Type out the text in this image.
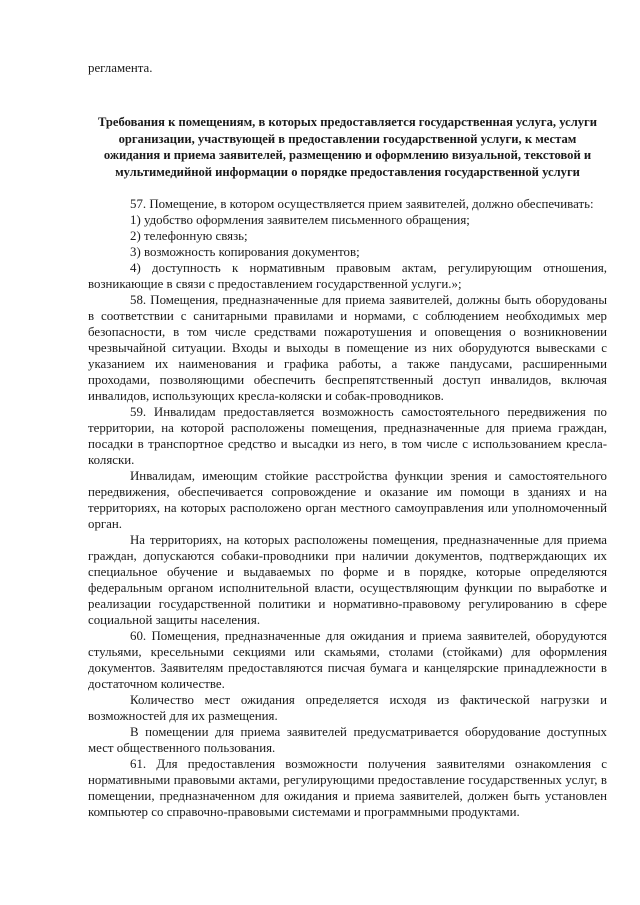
регламента.

Требования к помещениям, в которых предоставляется государственная услуга, услуги организации, участвующей в предоставлении государственной услуги, к местам ожидания и приема заявителей, размещению и оформлению визуальной, текстовой и мультимедийной информации о порядке предоставления государственной услуги

57. Помещение, в котором осуществляется прием заявителей, должно обеспечивать:

1) удобство оформления заявителем письменного обращения;

2) телефонную связь;

3) возможность копирования документов;

4) доступность к нормативным правовым актам, регулирующим отношения, возникающие в связи с предоставлением государственной услуги.»;

58. Помещения, предназначенные для приема заявителей, должны быть оборудованы в соответствии с санитарными правилами и нормами, с соблюдением необходимых мер безопасности, в том числе средствами пожаротушения и оповещения о возникновении чрезвычайной ситуации. Входы и выходы в помещение из них оборудуются вывесками с указанием их наименования и графика работы, а также пандусами, расширенными проходами, позволяющими обеспечить беспрепятственный доступ инвалидов, включая инвалидов, использующих кресла-коляски и собак-проводников.

59. Инвалидам предоставляется возможность самостоятельного передвижения по территории, на которой расположены помещения, предназначенные для приема граждан, посадки в транспортное средство и высадки из него, в том числе с использованием кресла-коляски.

Инвалидам, имеющим стойкие расстройства функции зрения и самостоятельного передвижения, обеспечивается сопровождение и оказание им помощи в зданиях и на территориях, на которых расположено орган местного самоуправления или уполномоченный орган.

На территориях, на которых расположены помещения, предназначенные для приема граждан, допускаются собаки-проводники при наличии документов, подтверждающих их специальное обучение и выдаваемых по форме и в порядке, которые определяются федеральным органом исполнительной власти, осуществляющим функции по выработке и реализации государственной политики и нормативно-правовому регулированию в сфере социальной защиты населения.

60. Помещения, предназначенные для ожидания и приема заявителей, оборудуются стульями, кресельными секциями или скамьями, столами (стойками) для оформления документов. Заявителям предоставляются писчая бумага и канцелярские принадлежности в достаточном количестве.

Количество мест ожидания определяется исходя из фактической нагрузки и возможностей для их размещения.

В помещении для приема заявителей предусматривается оборудование доступных мест общественного пользования.

61. Для предоставления возможности получения заявителями ознакомления с нормативными правовыми актами, регулирующими предоставление государственных услуг, в помещении, предназначенном для ожидания и приема заявителей, должен быть установлен компьютер со справочно-правовыми системами и программными продуктами.
